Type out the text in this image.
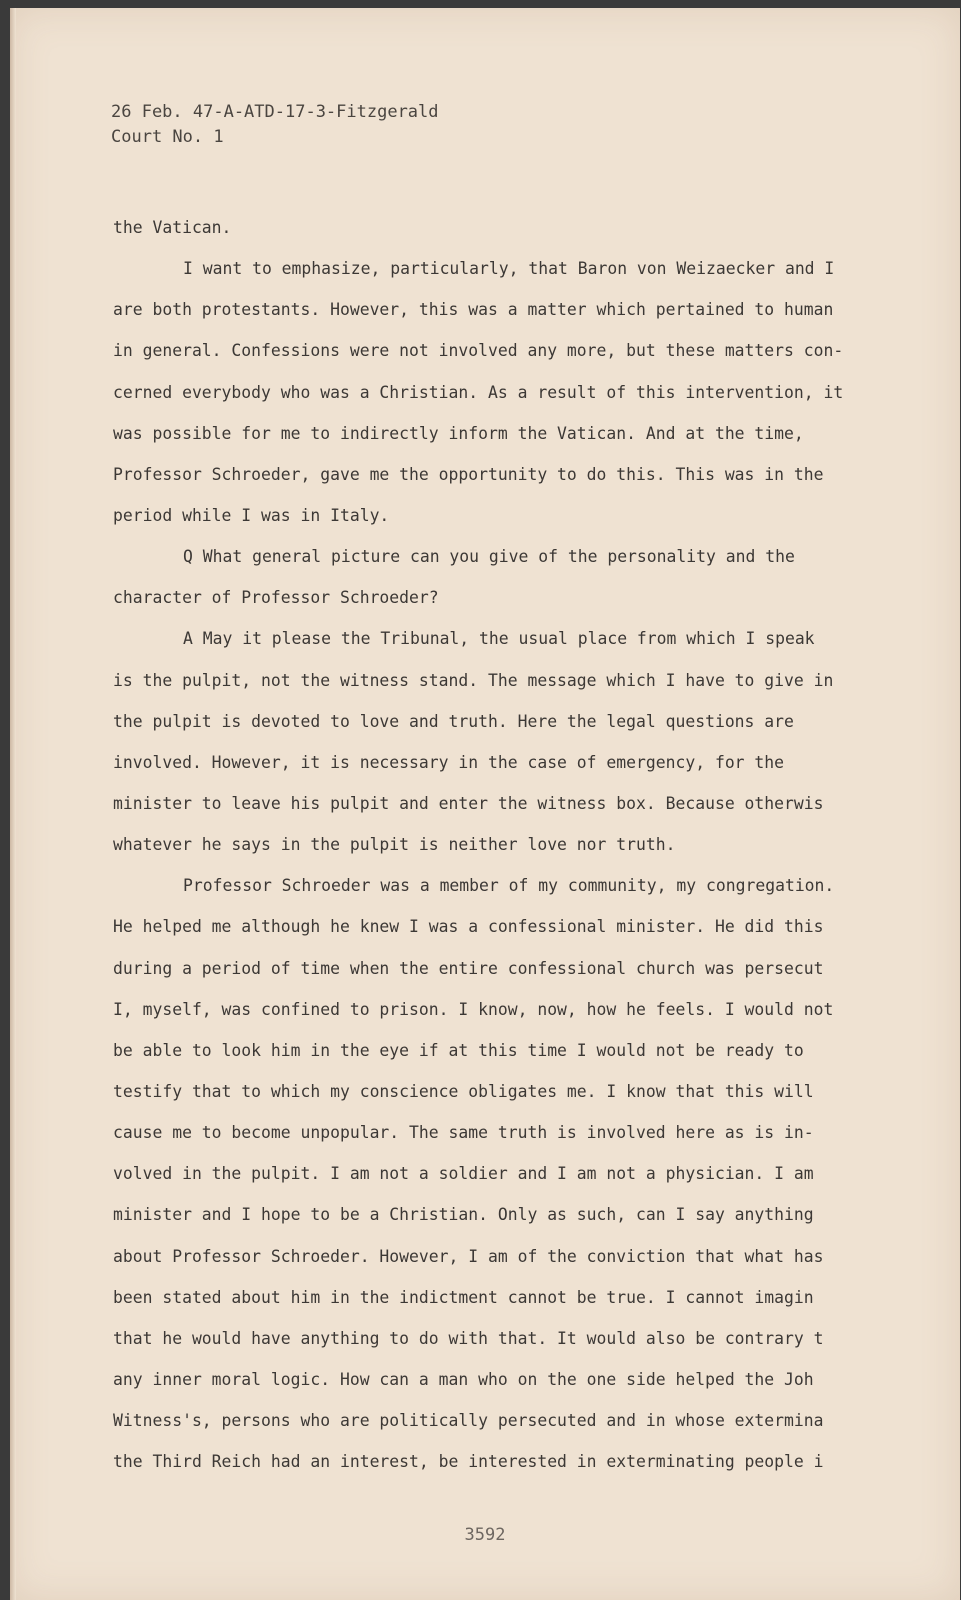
26 Feb. 47-A-ATD-17-3-Fitzgerald
Court No. 1
the Vatican.
I want to emphasize, particularly, that Baron von Weizaecker and I
are both protestants. However, this was a matter which pertained to human
in general. Confessions were not involved any more, but these matters con-
cerned everybody who was a Christian. As a result of this intervention, it
was possible for me to indirectly inform the Vatican. And at the time,
Professor Schroeder, gave me the opportunity to do this. This was in the
period while I was in Italy.
Q What general picture can you give of the personality and the
character of Professor Schroeder?
A May it please the Tribunal, the usual place from which I speak
is the pulpit, not the witness stand. The message which I have to give in
the pulpit is devoted to love and truth. Here the legal questions are
involved. However, it is necessary in the case of emergency, for the
minister to leave his pulpit and enter the witness box. Because otherwis
whatever he says in the pulpit is neither love nor truth.
Professor Schroeder was a member of my community, my congregation.
He helped me although he knew I was a confessional minister. He did this
during a period of time when the entire confessional church was persecut
I, myself, was confined to prison. I know, now, how he feels. I would not
be able to look him in the eye if at this time I would not be ready to
testify that to which my conscience obligates me. I know that this will
cause me to become unpopular. The same truth is involved here as is in-
volved in the pulpit. I am not a soldier and I am not a physician. I am
minister and I hope to be a Christian. Only as such, can I say anything
about Professor Schroeder. However, I am of the conviction that what has
been stated about him in the indictment cannot be true. I cannot imagin
that he would have anything to do with that. It would also be contrary t
any inner moral logic. How can a man who on the one side helped the Joh
Witness's, persons who are politically persecuted and in whose extermina
the Third Reich had an interest, be interested in exterminating people i
3592
